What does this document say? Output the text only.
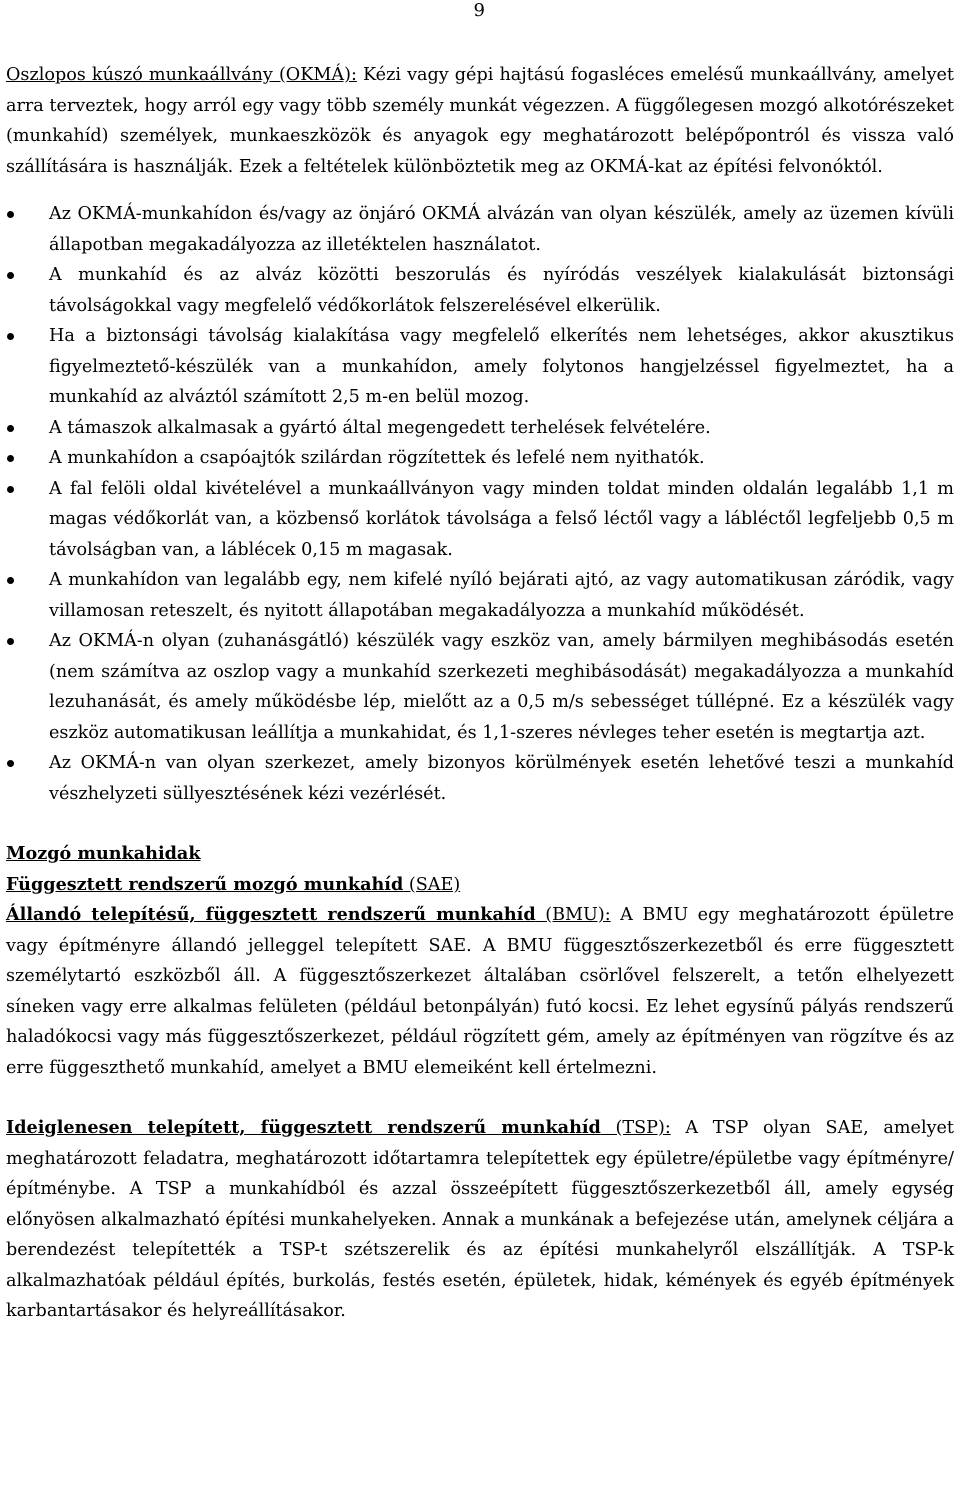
9

Oszlopos kúszó munkaállvány (OKMÁ): Kézi vagy gépi hajtású fogasléces emelésű munkaállvány, amelyet arra terveztek, hogy arról egy vagy több személy munkát végezzen. A függőlegesen mozgó alkotórészeket (munkahíd) személyek, munkaeszközök és anyagok egy meghatározott belépőpontról és vissza való szállítására is használják. Ezek a feltételek különböztetik meg az OKMÁ-kat az építési felvonóktól.

Az OKMÁ-munkahídon és/vagy az önjáró OKMÁ alvázán van olyan készülék, amely az üzemen kívüli állapotban megakadályozza az illetéktelen használatot.
A munkahíd és az alváz közötti beszorulás és nyíródás veszélyek kialakulását biztonsági távolságokkal vagy megfelelő védőkorlátok felszerelésével elkerülik.
Ha a biztonsági távolság kialakítása vagy megfelelő elkerítés nem lehetséges, akkor akusztikus figyelmeztető-készülék van a munkahídon, amely folytonos hangjelzéssel figyelmeztet, ha a munkahíd az alváztól számított 2,5 m-en belül mozog.
A támaszok alkalmasak a gyártó által megengedett terhelések felvételére.
A munkahídon a csapóajtók szilárdan rögzítettek és lefelé nem nyithatók.
A fal felöli oldal kivételével a munkaállványon vagy minden toldat minden oldalán legalább 1,1 m magas védőkorlát van, a közbenső korlátok távolsága a felső léctől vagy a lábléctől legfeljebb 0,5 m távolságban van, a láblécek 0,15 m magasak.
A munkahídon van legalább egy, nem kifelé nyíló bejárati ajtó, az vagy automatikusan záródik, vagy villamosan reteszelt, és nyitott állapotában megakadályozza a munkahíd működését.
Az OKMÁ-n olyan (zuhanásgátló) készülék vagy eszköz van, amely bármilyen meghibásodás esetén (nem számítva az oszlop vagy a munkahíd szerkezeti meghibásodását) megakadályozza a munkahíd lezuhanását, és amely működésbe lép, mielőtt az a 0,5 m/s sebességet túllépné. Ez a készülék vagy eszköz automatikusan leállítja a munkahidat, és 1,1-szeres névleges teher esetén is megtartja azt.
Az OKMÁ-n van olyan szerkezet, amely bizonyos körülmények esetén lehetővé teszi a munkahíd vészhelyzeti süllyesztésének kézi vezérlését.

Mozgó munkahidak

Függesztett rendszerű mozgó munkahíd (SAE)

Állandó telepítésű, függesztett rendszerű munkahíd (BMU): A BMU egy meghatározott épületre vagy építményre állandó jelleggel telepített SAE. A BMU függesztőszerkezetből és erre függesztett személytartó eszközből áll. A függesztőszerkezet általában csörlővel felszerelt, a tetőn elhelyezett síneken vagy erre alkalmas felületen (például betonpályán) futó kocsi. Ez lehet egysínű pályás rendszerű haladókocsi vagy más függesztőszerkezet, például rögzített gém, amely az építményen van rögzítve és az erre függeszthető munkahíd, amelyet a BMU elemeiként kell értelmezni.

Ideiglenesen telepített, függesztett rendszerű munkahíd (TSP): A TSP olyan SAE, amelyet meghatározott feladatra, meghatározott időtartamra telepítettek egy épületre/épületbe vagy építményre/építménybe. A TSP a munkahídból és azzal összeépített függesztőszerkezetből áll, amely egység előnyösen alkalmazható építési munkahelyeken. Annak a munkának a befejezése után, amelynek céljára a berendezést telepítették a TSP-t szétszerelik és az építési munkahelyről elszállítják. A TSP-k alkalmazhatóak például építés, burkolás, festés esetén, épületek, hidak, kémények és egyéb építmények karbantartásakor és helyreállításakor.
